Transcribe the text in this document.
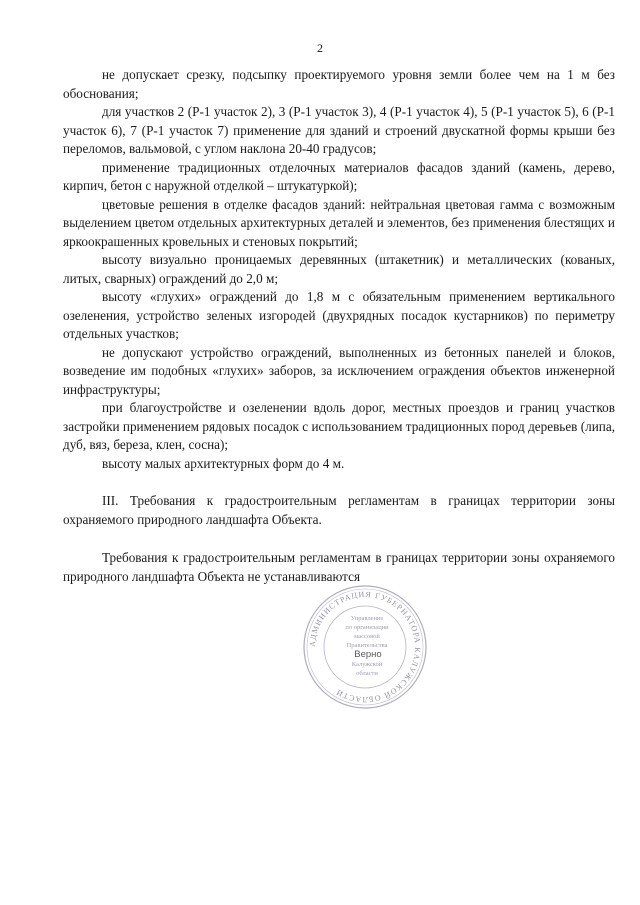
2

не допускает срезку, подсыпку проектируемого уровня земли более чем на 1 м без обоснования;

для участков 2 (Р-1 участок 2), 3 (Р-1 участок 3), 4 (Р-1 участок 4), 5 (Р-1 участок 5), 6 (Р-1 участок 6), 7 (Р-1 участок 7) применение для зданий и строений двускатной формы крыши без переломов, вальмовой, с углом наклона 20-40 градусов;

применение традиционных отделочных материалов фасадов зданий (камень, дерево, кирпич, бетон с наружной отделкой – штукатуркой);

цветовые решения в отделке фасадов зданий: нейтральная цветовая гамма с возможным выделением цветом отдельных архитектурных деталей и элементов, без применения блестящих и яркоокрашенных кровельных и стеновых покрытий;

высоту визуально проницаемых деревянных (штакетник) и металлических (кованых, литых, сварных) ограждений до 2,0 м;

высоту «глухих» ограждений до 1,8 м с обязательным применением вертикального озеленения, устройство зеленых изгородей (двухрядных посадок кустарников) по периметру отдельных участков;

не допускают устройство ограждений, выполненных из бетонных панелей и блоков, возведение им подобных «глухих» заборов, за исключением ограждения объектов инженерной инфраструктуры;

при благоустройстве и озеленении вдоль дорог, местных проездов и границ участков застройки применением рядовых посадок с использованием традиционных пород деревьев (липа, дуб, вяз, береза, клен, сосна);

высоту малых архитектурных форм до 4 м.

III. Требования к градостроительным регламентам в границах территории зоны охраняемого природного ландшафта Объекта.

Требования к градостроительным регламентам в границах территории зоны охраняемого природного ландшафта Объекта не устанавливаются

АДМИНИСТРАЦИЯ ГУБЕРНАТОРА КАЛУЖСКОЙ ОБЛАСТИ
Управление
по организации
массовой
Правительства
Калужской
области
Верно
